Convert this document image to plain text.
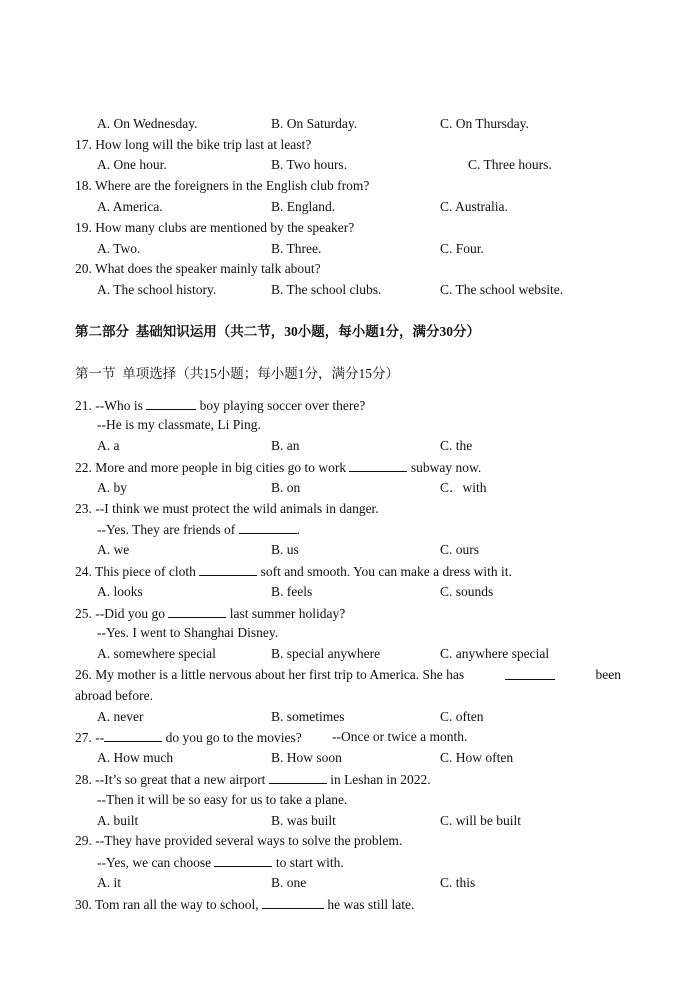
A. On Wednesday.

	B. On Saturday.

	C. On Thursday.

17. How long will the bike trip last at least?

A. One hour.

	B. Two hours.

	C. Three hours.

18. Where are the foreigners in the English club from?

A. America.

	B. England.

	C. Australia.

19. How many clubs are mentioned by the speaker?

A. Two.

	B. Three.

	C. Four.

20. What does the speaker mainly talk about?

A. The school history.

	B. The school clubs.

	C. The school website.

第二部分  基础知识运用（共二节，30小题，每小题1分，满分30分）

第一节  单项选择（共15小题；每小题1分，满分15分）

21. --Who is	boy playing soccer over there?

--He is my classmate, Li Ping.

A. a

	B. an

	C. the

22. More and more people in big cities go to work	subway now.

A. by

	B. on

	C．with

23. --I think we must protect the wild animals in danger.

--Yes. They are friends of	.

A. we

	B. us

	C. ours

24. This piece of cloth	soft and smooth. You can make a dress with it.

A. looks

	B. feels

	C. sounds

25. --Did you go	last summer holiday?

--Yes. I went to Shanghai Disney.

A. somewhere special

	B. special anywhere

	C. anywhere special

26. My mother is a little nervous about her first trip to America. She has	been

abroad before.

A. never

	B. sometimes

	C. often

27. --	do you go to the movies?

--Once or twice a month.

A. How much

	B. How soon

	C. How often

28. --It’s so great that a new airport	in Leshan in 2022.

--Then it will be so easy for us to take a plane.

A. built

	B. was built

	C. will be built

29. --They have provided several ways to solve the problem.

--Yes, we can choose	to start with.

A. it

	B. one

	C. this

30. Tom ran all the way to school,	he was still late.
